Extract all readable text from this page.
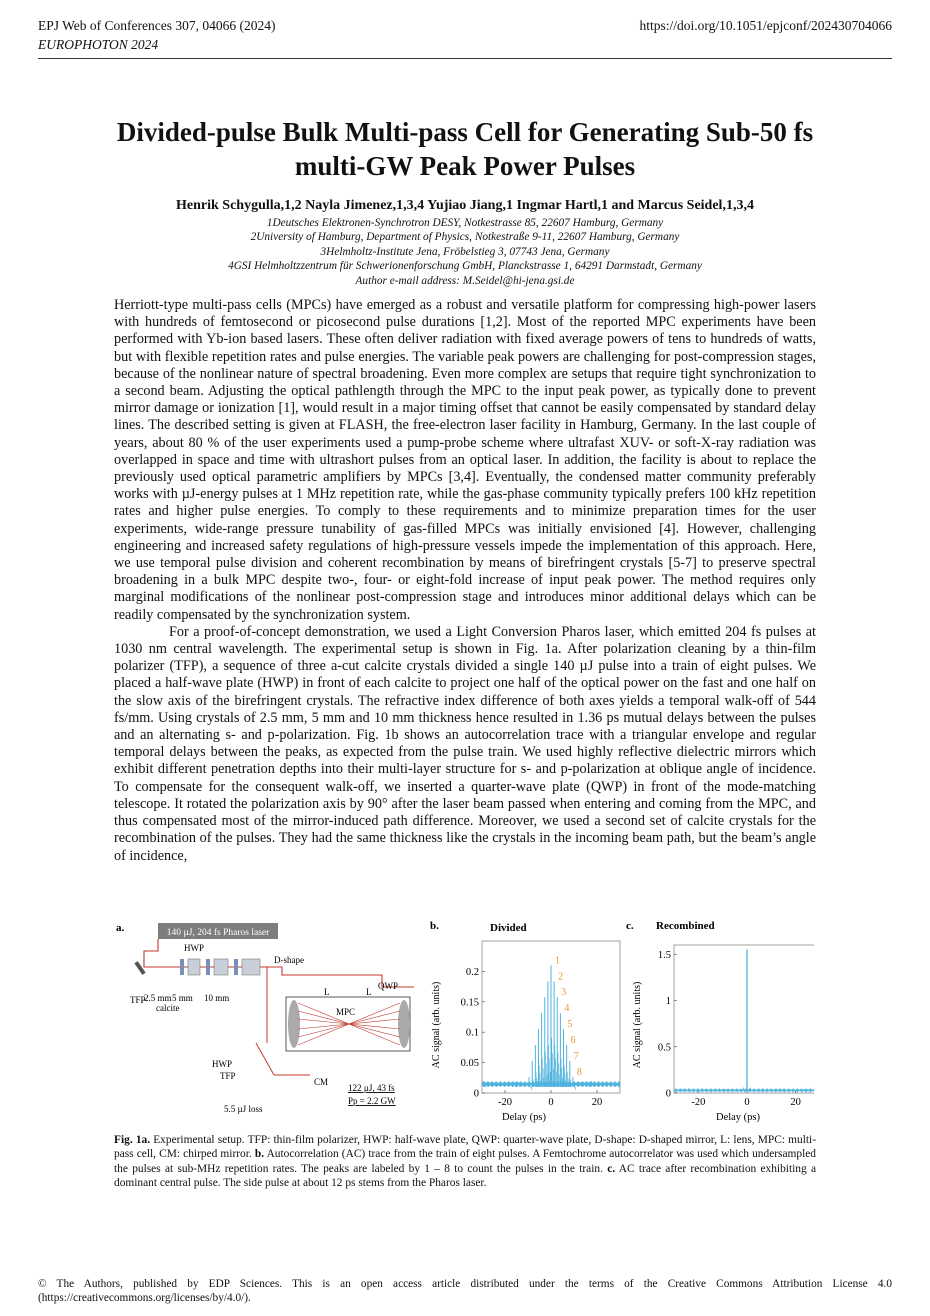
EPJ Web of Conferences 307, 04066 (2024)	https://doi.org/10.1051/epjconf/202430704066
EUROPHOTON 2024
Divided-pulse Bulk Multi-pass Cell for Generating Sub-50 fs multi-GW Peak Power Pulses
Henrik Schygulla,1,2 Nayla Jimenez,1,3,4 Yujiao Jiang,1 Ingmar Hartl,1 and Marcus Seidel,1,3,4
1Deutsches Elektronen-Synchrotron DESY, Notkestrasse 85, 22607 Hamburg, Germany
2University of Hamburg, Department of Physics, Notkestraße 9-11, 22607 Hamburg, Germany
3Helmholtz-Institute Jena, Fröbelstieg 3, 07743 Jena, Germany
4GSI Helmholtzzentrum für Schwerionenforschung GmbH, Planckstrasse 1, 64291 Darmstadt, Germany
Author e-mail address: M.Seidel@hi-jena.gsi.de

Herriott-type multi-pass cells (MPCs) have emerged as a robust and versatile platform for compressing high-power lasers with hundreds of femtosecond or picosecond pulse durations [1,2]. Most of the reported MPC experiments have been performed with Yb-ion based lasers. These often deliver radiation with fixed average powers of tens to hundreds of watts, but with flexible repetition rates and pulse energies. The variable peak powers are challenging for post-compression stages, because of the nonlinear nature of spectral broadening. Even more complex are setups that require tight synchronization to a second beam. Adjusting the optical pathlength through the MPC to the input peak power, as typically done to prevent mirror damage or ionization [1], would result in a major timing offset that cannot be easily compensated by standard delay lines. The described setting is given at FLASH, the free-electron laser facility in Hamburg, Germany. In the last couple of years, about 80 % of the user experiments used a pump-probe scheme where ultrafast XUV- or soft-X-ray radiation was overlapped in space and time with ultrashort pulses from an optical laser. In addition, the facility is about to replace the previously used optical parametric amplifiers by MPCs [3,4]. Eventually, the condensed matter community preferably works with µJ-energy pulses at 1 MHz repetition rate, while the gas-phase community typically prefers 100 kHz repetition rates and higher pulse energies. To comply to these requirements and to minimize preparation times for the user experiments, wide-range pressure tunability of gas-filled MPCs was initially envisioned [4]. However, challenging engineering and increased safety regulations of high-pressure vessels impede the implementation of this approach. Here, we use temporal pulse division and coherent recombination by means of birefringent crystals [5-7] to preserve spectral broadening in a bulk MPC despite two-, four- or eight-fold increase of input peak power. The method requires only marginal modifications of the nonlinear post-compression stage and introduces minor additional delays which can be readily compensated by the synchronization system.

For a proof-of-concept demonstration, we used a Light Conversion Pharos laser, which emitted 204 fs pulses at 1030 nm central wavelength. The experimental setup is shown in Fig. 1a. After polarization cleaning by a thin-film polarizer (TFP), a sequence of three a-cut calcite crystals divided a single 140 µJ pulse into a train of eight pulses. We placed a half-wave plate (HWP) in front of each calcite to project one half of the optical power on the fast and one half on the slow axis of the birefringent crystals. The refractive index difference of both axes yields a temporal walk-off of 544 fs/mm. Using crystals of 2.5 mm, 5 mm and 10 mm thickness hence resulted in 1.36 ps mutual delays between the pulses and an alternating s- and p-polarization. Fig. 1b shows an autocorrelation trace with a triangular envelope and regular temporal delays between the peaks, as expected from the pulse train. We used highly reflective dielectric mirrors which exhibit different penetration depths into their multi-layer structure for s- and p-polarization at oblique angle of incidence. To compensate for the consequent walk-off, we inserted a quarter-wave plate (QWP) in front of the mode-matching telescope. It rotated the polarization axis by 90° after the laser beam passed when entering and coming from the MPC, and thus compensated most of the mirror-induced path difference. Moreover, we used a second set of calcite crystals for the recombination of the pulses. They had the same thickness like the crystals in the incoming beam path, but the beam’s angle of incidence,

a.	140 µJ, 204 fs Pharos laser
HWP
TFP
2.5 mm 5 mm 10 mm
calcite
D-shape
L	L
QWP
MPC
HWP
TFP
5.5 µJ loss
CM
122 µJ, 43 fs
Pp = 2.2 GW
b.	Divided
AC signal (arb. units)
Delay (ps)
-20	0	20
0
0.05
0.1
0.15
0.2
1
2
3
4
5
6
7
8
c. Recombined
AC signal (arb. units)
Delay (ps)
-20	0	20
0
0.5
1
1.5
Fig. 1a. Experimental setup. TFP: thin-film polarizer, HWP: half-wave plate, QWP: quarter-wave plate, D-shape: D-shaped mirror, L: lens, MPC: multi-pass cell, CM: chirped mirror. b. Autocorrelation (AC) trace from the train of eight pulses. A Femtochrome autocorrelator was used which undersampled the pulses at sub-MHz repetition rates. The peaks are labeled by 1 – 8 to count the pulses in the train. c. AC trace after recombination exhibiting a dominant central pulse. The side pulse at about 12 ps stems from the Pharos laser.
© The Authors, published by EDP Sciences. This is an open access article distributed under the terms of the Creative Commons Attribution License 4.0 (https://creativecommons.org/licenses/by/4.0/).
